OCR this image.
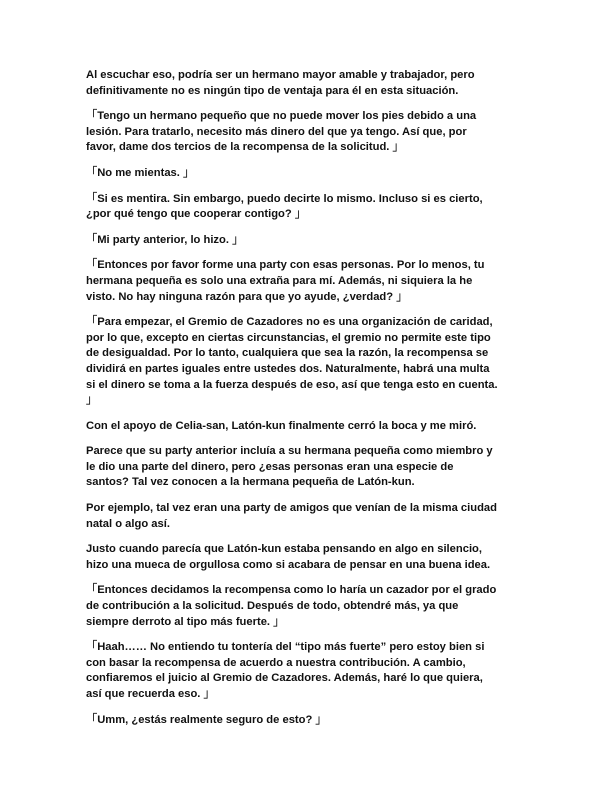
Al escuchar eso, podría ser un hermano mayor amable y trabajador, pero
definitivamente no es ningún tipo de ventaja para él en esta situación.

「Tengo un hermano pequeño que no puede mover los pies debido a una
lesión. Para tratarlo, necesito más dinero del que ya tengo. Así que, por
favor, dame dos tercios de la recompensa de la solicitud. 」

「No me mientas. 」

「Si es mentira. Sin embargo, puedo decirte lo mismo. Incluso si es cierto,
¿por qué tengo que cooperar contigo? 」

「Mi party anterior, lo hizo. 」

「Entonces por favor forme una party con esas personas. Por lo menos, tu
hermana pequeña es solo una extraña para mí. Además, ni siquiera la he
visto. No hay ninguna razón para que yo ayude, ¿verdad? 」

「Para empezar, el Gremio de Cazadores no es una organización de caridad,
por lo que, excepto en ciertas circunstancias, el gremio no permite este tipo
de desigualdad. Por lo tanto, cualquiera que sea la razón, la recompensa se
dividirá en partes iguales entre ustedes dos. Naturalmente, habrá una multa
si el dinero se toma a la fuerza después de eso, así que tenga esto en cuenta.
」

Con el apoyo de Celia-san, Latón-kun finalmente cerró la boca y me miró.

Parece que su party anterior incluía a su hermana pequeña como miembro y
le dio una parte del dinero, pero ¿esas personas eran una especie de
santos? Tal vez conocen a la hermana pequeña de Latón-kun.

Por ejemplo, tal vez eran una party de amigos que venían de la misma ciudad
natal o algo así.

Justo cuando parecía que Latón-kun estaba pensando en algo en silencio,
hizo una mueca de orgullosa como si acabara de pensar en una buena idea.

「Entonces decidamos la recompensa como lo haría un cazador por el grado
de contribución a la solicitud. Después de todo, obtendré más, ya que
siempre derroto al tipo más fuerte. 」

「Haah…… No entiendo tu tontería del “tipo más fuerte” pero estoy bien si
con basar la recompensa de acuerdo a nuestra contribución. A cambio,
confiaremos el juicio al Gremio de Cazadores. Además, haré lo que quiera,
así que recuerda eso. 」

「Umm, ¿estás realmente seguro de esto? 」
